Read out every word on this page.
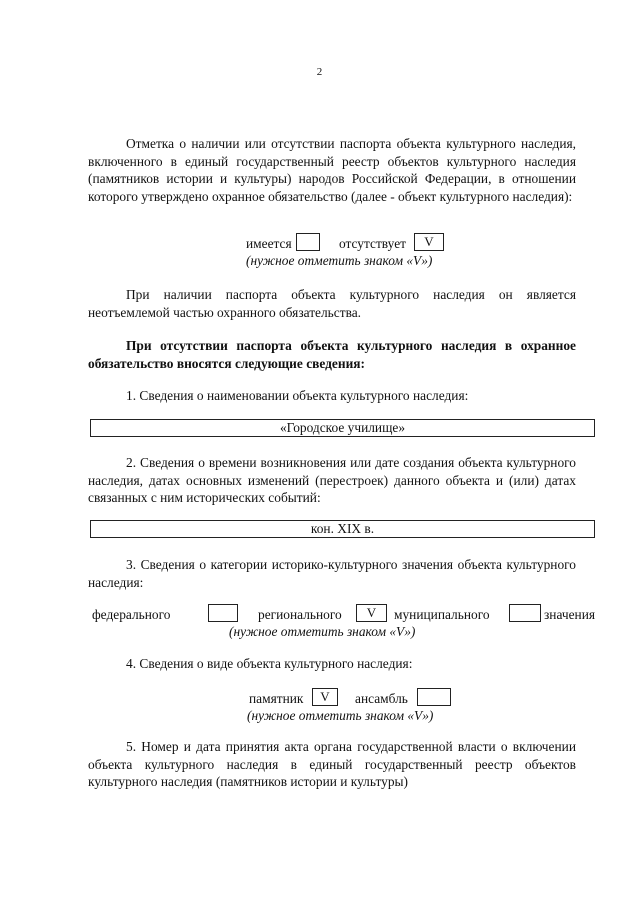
2
Отметка о наличии или отсутствии паспорта объекта культурного наследия, включенного в единый государственный реестр объектов культурного наследия (памятников истории и культуры) народов Российской Федерации, в отношении которого утверждено охранное обязательство (далее - объект культурного наследия):
имеется	отсутствует	V
(нужное отметить знаком «V»)
При наличии паспорта объекта культурного наследия он является неотъемлемой частью охранного обязательства.
При отсутствии паспорта объекта культурного наследия в охранное обязательство вносятся следующие сведения:
1. Сведения о наименовании объекта культурного наследия:
«Городское училище»
2. Сведения о времени возникновения или дате создания объекта культурного наследия, датах основных изменений (перестроек) данного объекта и (или) датах связанных с ним исторических событий:
кон. XIX в.
3. Сведения о категории историко-культурного значения объекта культурного наследия:
федерального	регионального	V	муниципального	значения
(нужное отметить знаком «V»)
4. Сведения о виде объекта культурного наследия:
памятник	V	ансамбль
(нужное отметить знаком «V»)
5. Номер и дата принятия акта органа государственной власти о включении объекта культурного наследия в единый государственный реестр объектов культурного наследия (памятников истории и культуры)
